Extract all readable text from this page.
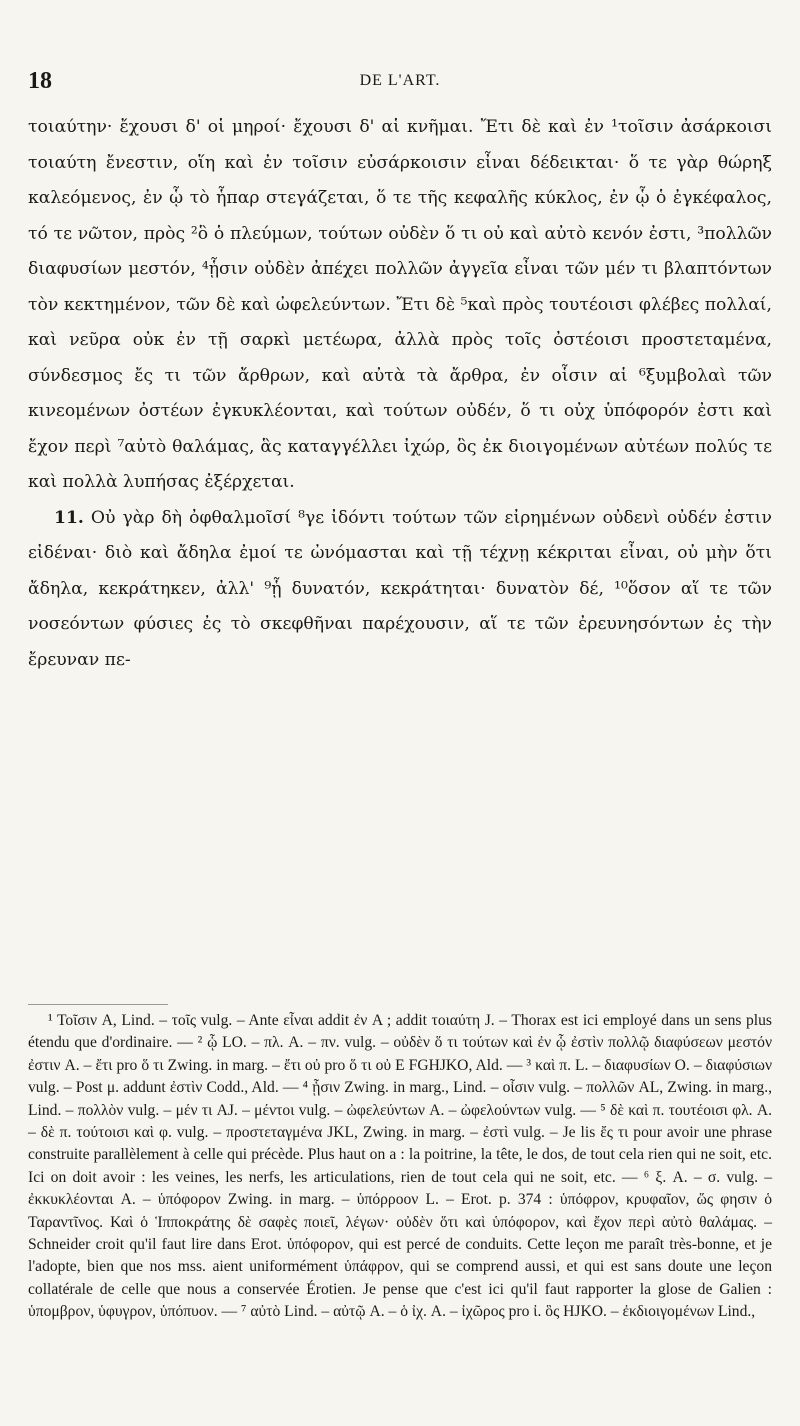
18	DE L'ART.

τοιαύτην· ἔχουσι δ' οἱ μηροί· ἔχουσι δ' αἱ κνῆμαι. Ἔτι δὲ καὶ ἐν ¹τοῖσιν ἀσάρκοισι τοιαύτη ἔνεστιν, οἵη καὶ ἐν τοῖσιν εὐσάρκοισιν εἶναι δέδεικται· ὅ τε γὰρ θώρηξ καλεόμενος, ἐν ᾧ τὸ ἧπαρ στεγάζεται, ὅ τε τῆς κεφαλῆς κύκλος, ἐν ᾧ ὁ ἐγκέφαλος, τό τε νῶτον, πρὸς ²ὃ ὁ πλεύμων, τούτων οὐδὲν ὅ τι οὐ καὶ αὐτὸ κενόν ἐστι, ³πολλῶν διαφυσίων μεστόν, ⁴ᾗσιν οὐδὲν ἀπέχει πολλῶν ἀγγεῖα εἶναι τῶν μέν τι βλαπτόντων τὸν κεκτημένον, τῶν δὲ καὶ ὠφελεύντων. Ἔτι δὲ ⁵καὶ πρὸς τουτέοισι φλέβες πολλαί, καὶ νεῦρα οὐκ ἐν τῇ σαρκὶ μετέωρα, ἀλλὰ πρὸς τοῖς ὀστέοισι προστεταμένα, σύνδεσμος ἔς τι τῶν ἄρθρων, καὶ αὐτὰ τὰ ἄρθρα, ἐν οἷσιν αἱ ⁶ξυμβολαὶ τῶν κινεομένων ὀστέων ἐγκυκλέονται, καὶ τούτων οὐδέν, ὅ τι οὐχ ὑπόφορόν ἐστι καὶ ἔχον περὶ ⁷αὐτὸ θαλάμας, ἃς καταγγέλλει ἰχώρ, ὃς ἐκ διοιγομένων αὐτέων πολύς τε καὶ πολλὰ λυπήσας ἐξέρχεται.

11. Οὐ γὰρ δὴ ὀφθαλμοῖσί ⁸γε ἰδόντι τούτων τῶν εἰρημένων οὐδενὶ οὐδέν ἐστιν εἰδέναι· διὸ καὶ ἄδηλα ἐμοί τε ὠνόμασται καὶ τῇ τέχνῃ κέκριται εἶναι, οὐ μὴν ὅτι ἄδηλα, κεκράτηκεν, ἀλλ' ⁹ᾗ δυνατόν, κεκράτηται· δυνατὸν δέ, ¹⁰ὅσον αἵ τε τῶν νοσεόντων φύσιες ἐς τὸ σκεφθῆναι παρέχουσιν, αἵ τε τῶν ἐρευνησόντων ἐς τὴν ἔρευναν πε-

¹ Τοῖσιν A, Lind. – τοῖς vulg. – Ante εἶναι addit ἐν A ; addit τοιαύτη J. – Thorax est ici employé dans un sens plus étendu que d'ordinaire. — ² ᾧ LO. – πλ. A. – πν. vulg. – οὐδὲν ὅ τι τούτων καὶ ἐν ᾧ ἐστὶν πολλῷ διαφύσεων μεστόν ἐστιν A. – ἔτι pro ὅ τι Zwing. in marg. – ἔτι οὐ pro ὅ τι οὐ E FGHJKO, Ald. — ³ καὶ π. L. – διαφυσίων O. – διαφύσιων vulg. – Post μ. addunt ἐστὶν Codd., Ald. — ⁴ ᾗσιν Zwing. in marg., Lind. – οἷσιν vulg. – πολλῶν AL, Zwing. in marg., Lind. – πολλὸν vulg. – μέν τι AJ. – μέντοι vulg. – ὠφελεύντων A. – ὠφελούντων vulg. — ⁵ δὲ καὶ π. τουτέοισι φλ. A. – δὲ π. τούτοισι καὶ φ. vulg. – προστεταγμένα JKL, Zwing. in marg. – ἐστὶ vulg. – Je lis ἔς τι pour avoir une phrase construite parallèlement à celle qui précède. Plus haut on a : la poitrine, la tête, le dos, de tout cela rien qui ne soit, etc. Ici on doit avoir : les veines, les nerfs, les articulations, rien de tout cela qui ne soit, etc. — ⁶ ξ. A. – σ. vulg. – ἐκκυκλέονται A. – ὑπόφορον Zwing. in marg. – ὑπόρροον L. – Erot. p. 374 : ὑπόφρον, κρυφαῖον, ὥς φησιν ὁ Ταραντῖνος. Καὶ ὁ Ἱπποκράτης δὲ σαφὲς ποιεῖ, λέγων· οὐδὲν ὅτι καὶ ὑπόφορον, καὶ ἔχον περὶ αὐτὸ θαλάμας. – Schneider croit qu'il faut lire dans Erot. ὑπόφορον, qui est percé de conduits. Cette leçon me paraît très-bonne, et je l'adopte, bien que nos mss. aient uniformément ὑπάφρον, qui se comprend aussi, et qui est sans doute une leçon collatérale de celle que nous a conservée Érotien. Je pense que c'est ici qu'il faut rapporter la glose de Galien : ὑπομβρον, ὑφυγρον, ὑπόπυον. — ⁷ αὐτὸ Lind. – αὐτῷ A. – ὁ ἰχ. A. – ἰχῶρος pro ἰ. ὃς HJKO. – ἐκδιοιγομένων Lind.,
